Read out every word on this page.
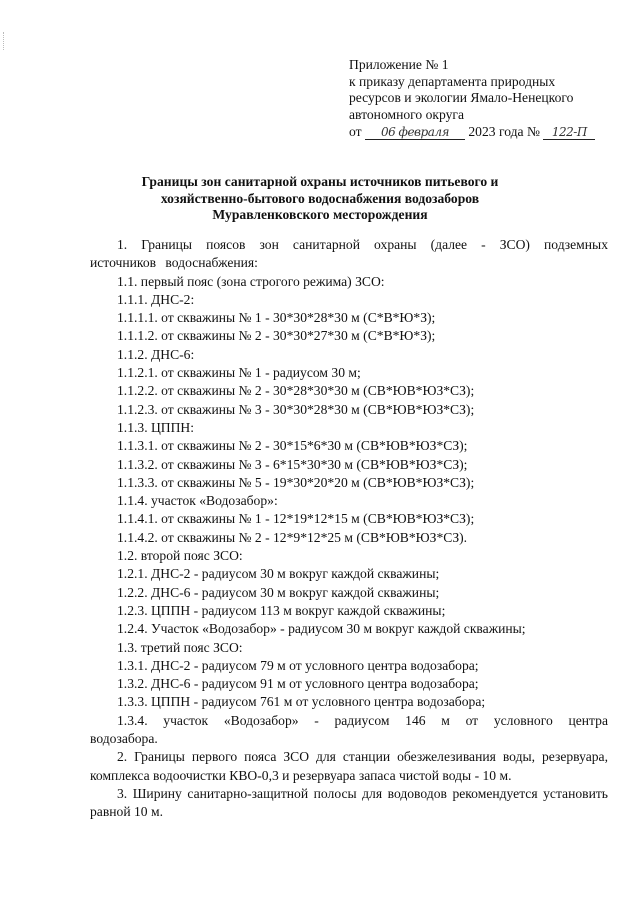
Приложение № 1
к приказу департамента природных
ресурсов и экологии Ямало-Ненецкого
автономного округа
от 06 февраля 2023 года № 122-П
Границы зон санитарной охраны источников питьевого и
хозяйственно-бытового водоснабжения водозаборов
Муравленковского месторождения

1. Границы поясов зон санитарной охраны (далее - ЗСО) подземных источников водоснабжения:

1.1. первый пояс (зона строгого режима) ЗСО:

1.1.1. ДНС-2:

1.1.1.1. от скважины № 1 - 30*30*28*30 м (С*В*Ю*З);

1.1.1.2. от скважины № 2 - 30*30*27*30 м (С*В*Ю*З);

1.1.2. ДНС-6:

1.1.2.1. от скважины № 1 - радиусом 30 м;

1.1.2.2. от скважины № 2 - 30*28*30*30 м (СВ*ЮВ*ЮЗ*СЗ);

1.1.2.3. от скважины № 3 - 30*30*28*30 м (СВ*ЮВ*ЮЗ*СЗ);

1.1.3. ЦППН:

1.1.3.1. от скважины № 2 - 30*15*6*30 м (СВ*ЮВ*ЮЗ*СЗ);

1.1.3.2. от скважины № 3 - 6*15*30*30 м (СВ*ЮВ*ЮЗ*СЗ);

1.1.3.3. от скважины № 5 - 19*30*20*20 м (СВ*ЮВ*ЮЗ*СЗ);

1.1.4. участок «Водозабор»:

1.1.4.1. от скважины № 1 - 12*19*12*15 м (СВ*ЮВ*ЮЗ*СЗ);

1.1.4.2. от скважины № 2 - 12*9*12*25 м (СВ*ЮВ*ЮЗ*СЗ).

1.2. второй пояс ЗСО:

1.2.1. ДНС-2 - радиусом 30 м вокруг каждой скважины;

1.2.2. ДНС-6 - радиусом 30 м вокруг каждой скважины;

1.2.3. ЦППН - радиусом 113 м вокруг каждой скважины;

1.2.4. Участок «Водозабор» - радиусом 30 м вокруг каждой скважины;

1.3. третий пояс ЗСО:

1.3.1. ДНС-2 - радиусом 79 м от условного центра водозабора;

1.3.2. ДНС-6 - радиусом 91 м от условного центра водозабора;

1.3.3. ЦППН - радиусом 761 м от условного центра водозабора;

1.3.4. участок «Водозабор» - радиусом 146 м от условного центра водозабора.

2. Границы первого пояса ЗСО для станции обезжелезивания воды, резервуара, комплекса водоочистки КВО-0,3 и резервуара запаса чистой воды - 10 м.

3. Ширину санитарно-защитной полосы для водоводов рекомендуется установить равной 10 м.
